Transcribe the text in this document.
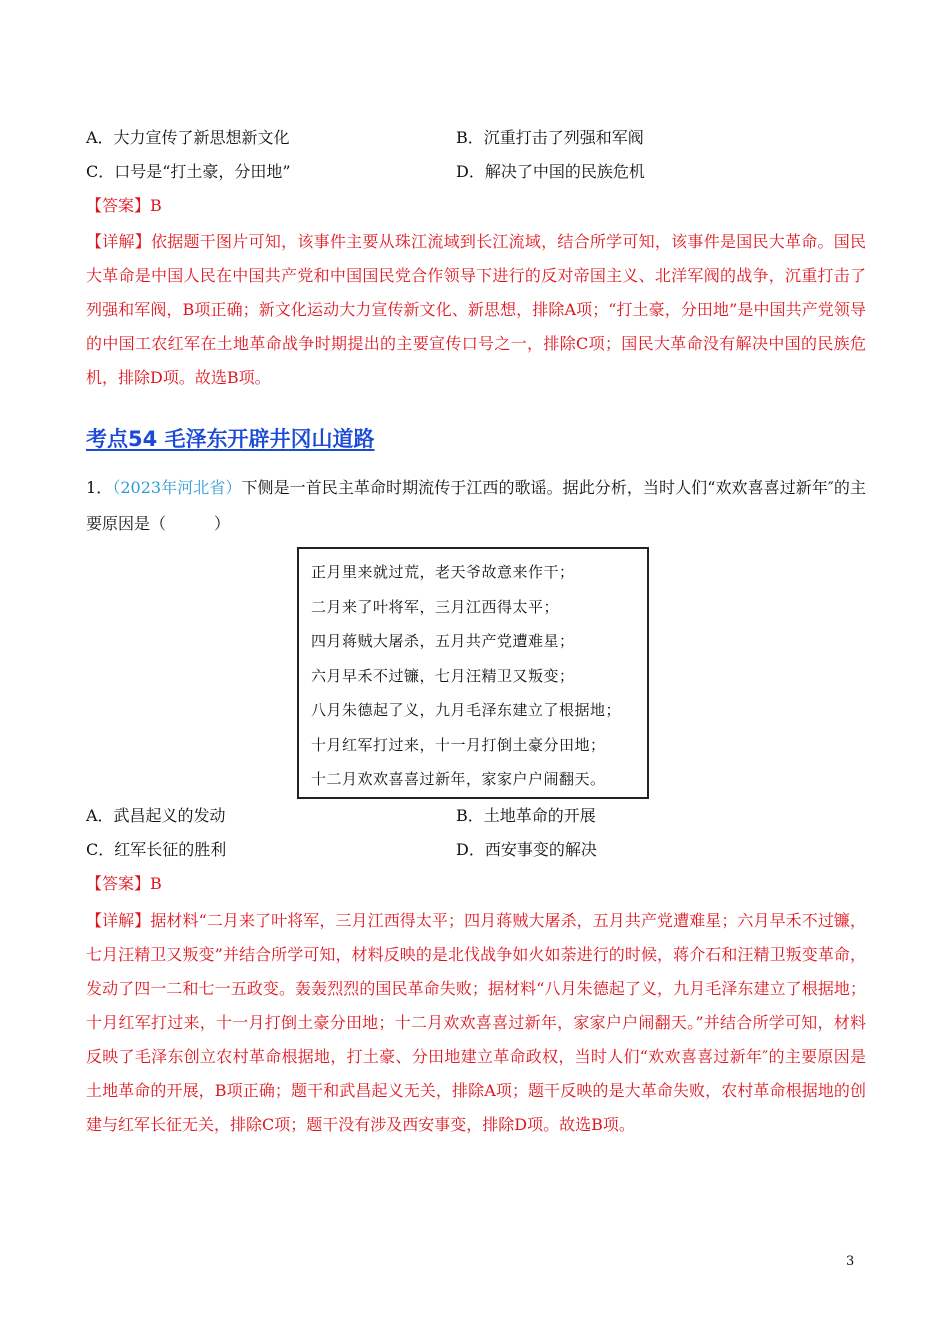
A．大力宣传了新思想新文化	B．沉重打击了列强和军阀
C．口号是“打土豪，分田地”	D．解决了中国的民族危机
【答案】B

【详解】依据题干图片可知，该事件主要从珠江流域到长江流域，结合所学可知，该事件是国民大革命。国民大革命是中国人民在中国共产党和中国国民党合作领导下进行的反对帝国主义、北洋军阀的战争，沉重打击了列强和军阀，B项正确；新文化运动大力宣传新文化、新思想，排除A项；“打土豪，分田地”是中国共产党领导的中国工农红军在土地革命战争时期提出的主要宣传口号之一，排除C项；国民大革命没有解决中国的民族危机，排除D项。故选B项。

考点54 毛泽东开辟井冈山道路

1．（2023年河北省）下侧是一首民主革命时期流传于江西的歌谣。据此分析，当时人们“欢欢喜喜过新年″的主要原因是（　　　）

正月里来就过荒，老天爷故意来作干；
二月来了叶将军，三月江西得太平；
四月蒋贼大屠杀，五月共产党遭难星；
六月早禾不过镰，七月汪精卫又叛变；
八月朱德起了义，九月毛泽东建立了根据地；
十月红军打过来，十一月打倒土豪分田地；
十二月欢欢喜喜过新年，家家户户闹翻天。
A．武昌起义的发动	B．土地革命的开展
C．红军长征的胜利	D．西安事变的解决
【答案】B

【详解】据材料“二月来了叶将军，三月江西得太平；四月蒋贼大屠杀，五月共产党遭难星；六月早禾不过镰，七月汪精卫又叛变”并结合所学可知，材料反映的是北伐战争如火如荼进行的时候，蒋介石和汪精卫叛变革命，发动了四一二和七一五政变。轰轰烈烈的国民革命失败；据材料“八月朱德起了义，九月毛泽东建立了根据地；十月红军打过来，十一月打倒土豪分田地；十二月欢欢喜喜过新年，家家户户闹翻天。”并结合所学可知，材料反映了毛泽东创立农村革命根据地，打土豪、分田地建立革命政权，当时人们“欢欢喜喜过新年″的主要原因是土地革命的开展，B项正确；题干和武昌起义无关，排除A项；题干反映的是大革命失败，农村革命根据地的创建与红军长征无关，排除C项；题干没有涉及西安事变，排除D项。故选B项。

3
